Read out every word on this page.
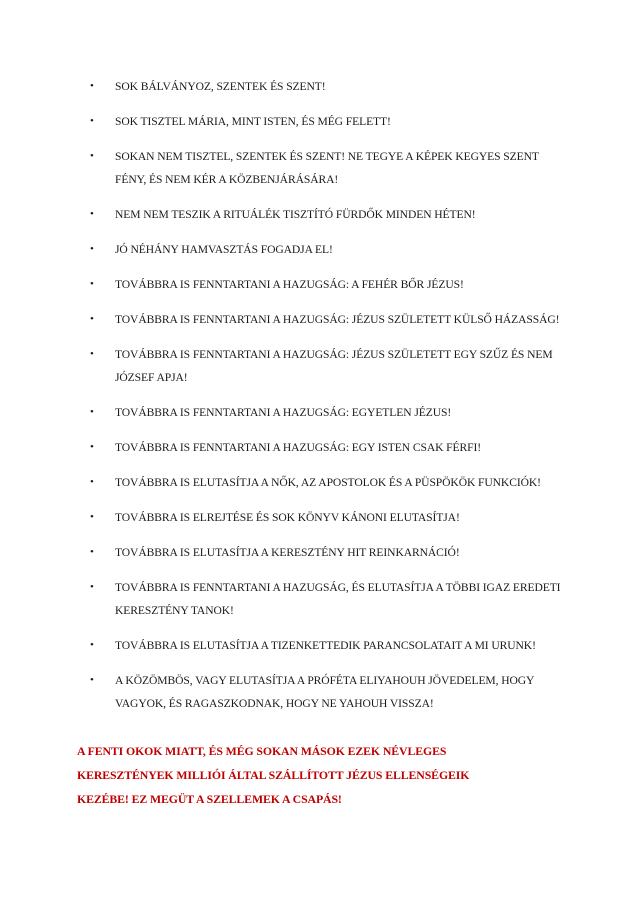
• SOK BÁLVÁNYOZ, SZENTEK ÉS SZENT!
• SOK TISZTEL MÁRIA, MINT ISTEN, ÉS MÉG FELETT!
• SOKAN NEM TISZTEL, SZENTEK ÉS SZENT! NE TEGYE A KÉPEK KEGYES SZENT FÉNY, ÉS NEM KÉR A KÖZBENJÁRÁSÁRA!
• NEM NEM TESZIK A RITUÁLÉK TISZTÍTÓ FÜRDŐK MINDEN HÉTEN!
• JÓ NÉHÁNY HAMVASZTÁS FOGADJA EL!
• TOVÁBBRA IS FENNTARTANI A HAZUGSÁG: A FEHÉR BŐR JÉZUS!
• TOVÁBBRA IS FENNTARTANI A HAZUGSÁG: JÉZUS SZÜLETETT KÜLSŐ HÁZASSÁG!
• TOVÁBBRA IS FENNTARTANI A HAZUGSÁG: JÉZUS SZÜLETETT EGY SZŰZ ÉS NEM JÓZSEF APJA!
• TOVÁBBRA IS FENNTARTANI A HAZUGSÁG: EGYETLEN JÉZUS!
• TOVÁBBRA IS FENNTARTANI A HAZUGSÁG: EGY ISTEN CSAK FÉRFI!
• TOVÁBBRA IS ELUTASÍTJA A NŐK, AZ APOSTOLOK ÉS A PÜSPÖKÖK FUNKCIÓK!
• TOVÁBBRA IS ELREJTÉSE ÉS SOK KÖNYV KÁNONI ELUTASÍTJA!
• TOVÁBBRA IS ELUTASÍTJA A KERESZTÉNY HIT REINKARNÁCIÓ!
• TOVÁBBRA IS FENNTARTANI A HAZUGSÁG, ÉS ELUTASÍTJA A TÖBBI IGAZ EREDETI KERESZTÉNY TANOK!
• TOVÁBBRA IS ELUTASÍTJA A TIZENKETTEDIK PARANCSOLATAIT A MI URUNK!
• A KÖZÖMBÖS, VAGY ELUTASÍTJA A PRÓFÉTA ELIYAHOUH JÖVEDELEM, HOGY VAGYOK, ÉS RAGASZKODNAK, HOGY NE YAHOUH VISSZA!
A FENTI OKOK MIATT, ÉS MÉG SOKAN MÁSOK EZEK NÉVLEGES
KERESZTÉNYEK MILLIÓI ÁLTAL SZÁLLÍTOTT JÉZUS ELLENSÉGEIK
KEZÉBE! EZ MEGÜT A SZELLEMEK A CSAPÁS!
